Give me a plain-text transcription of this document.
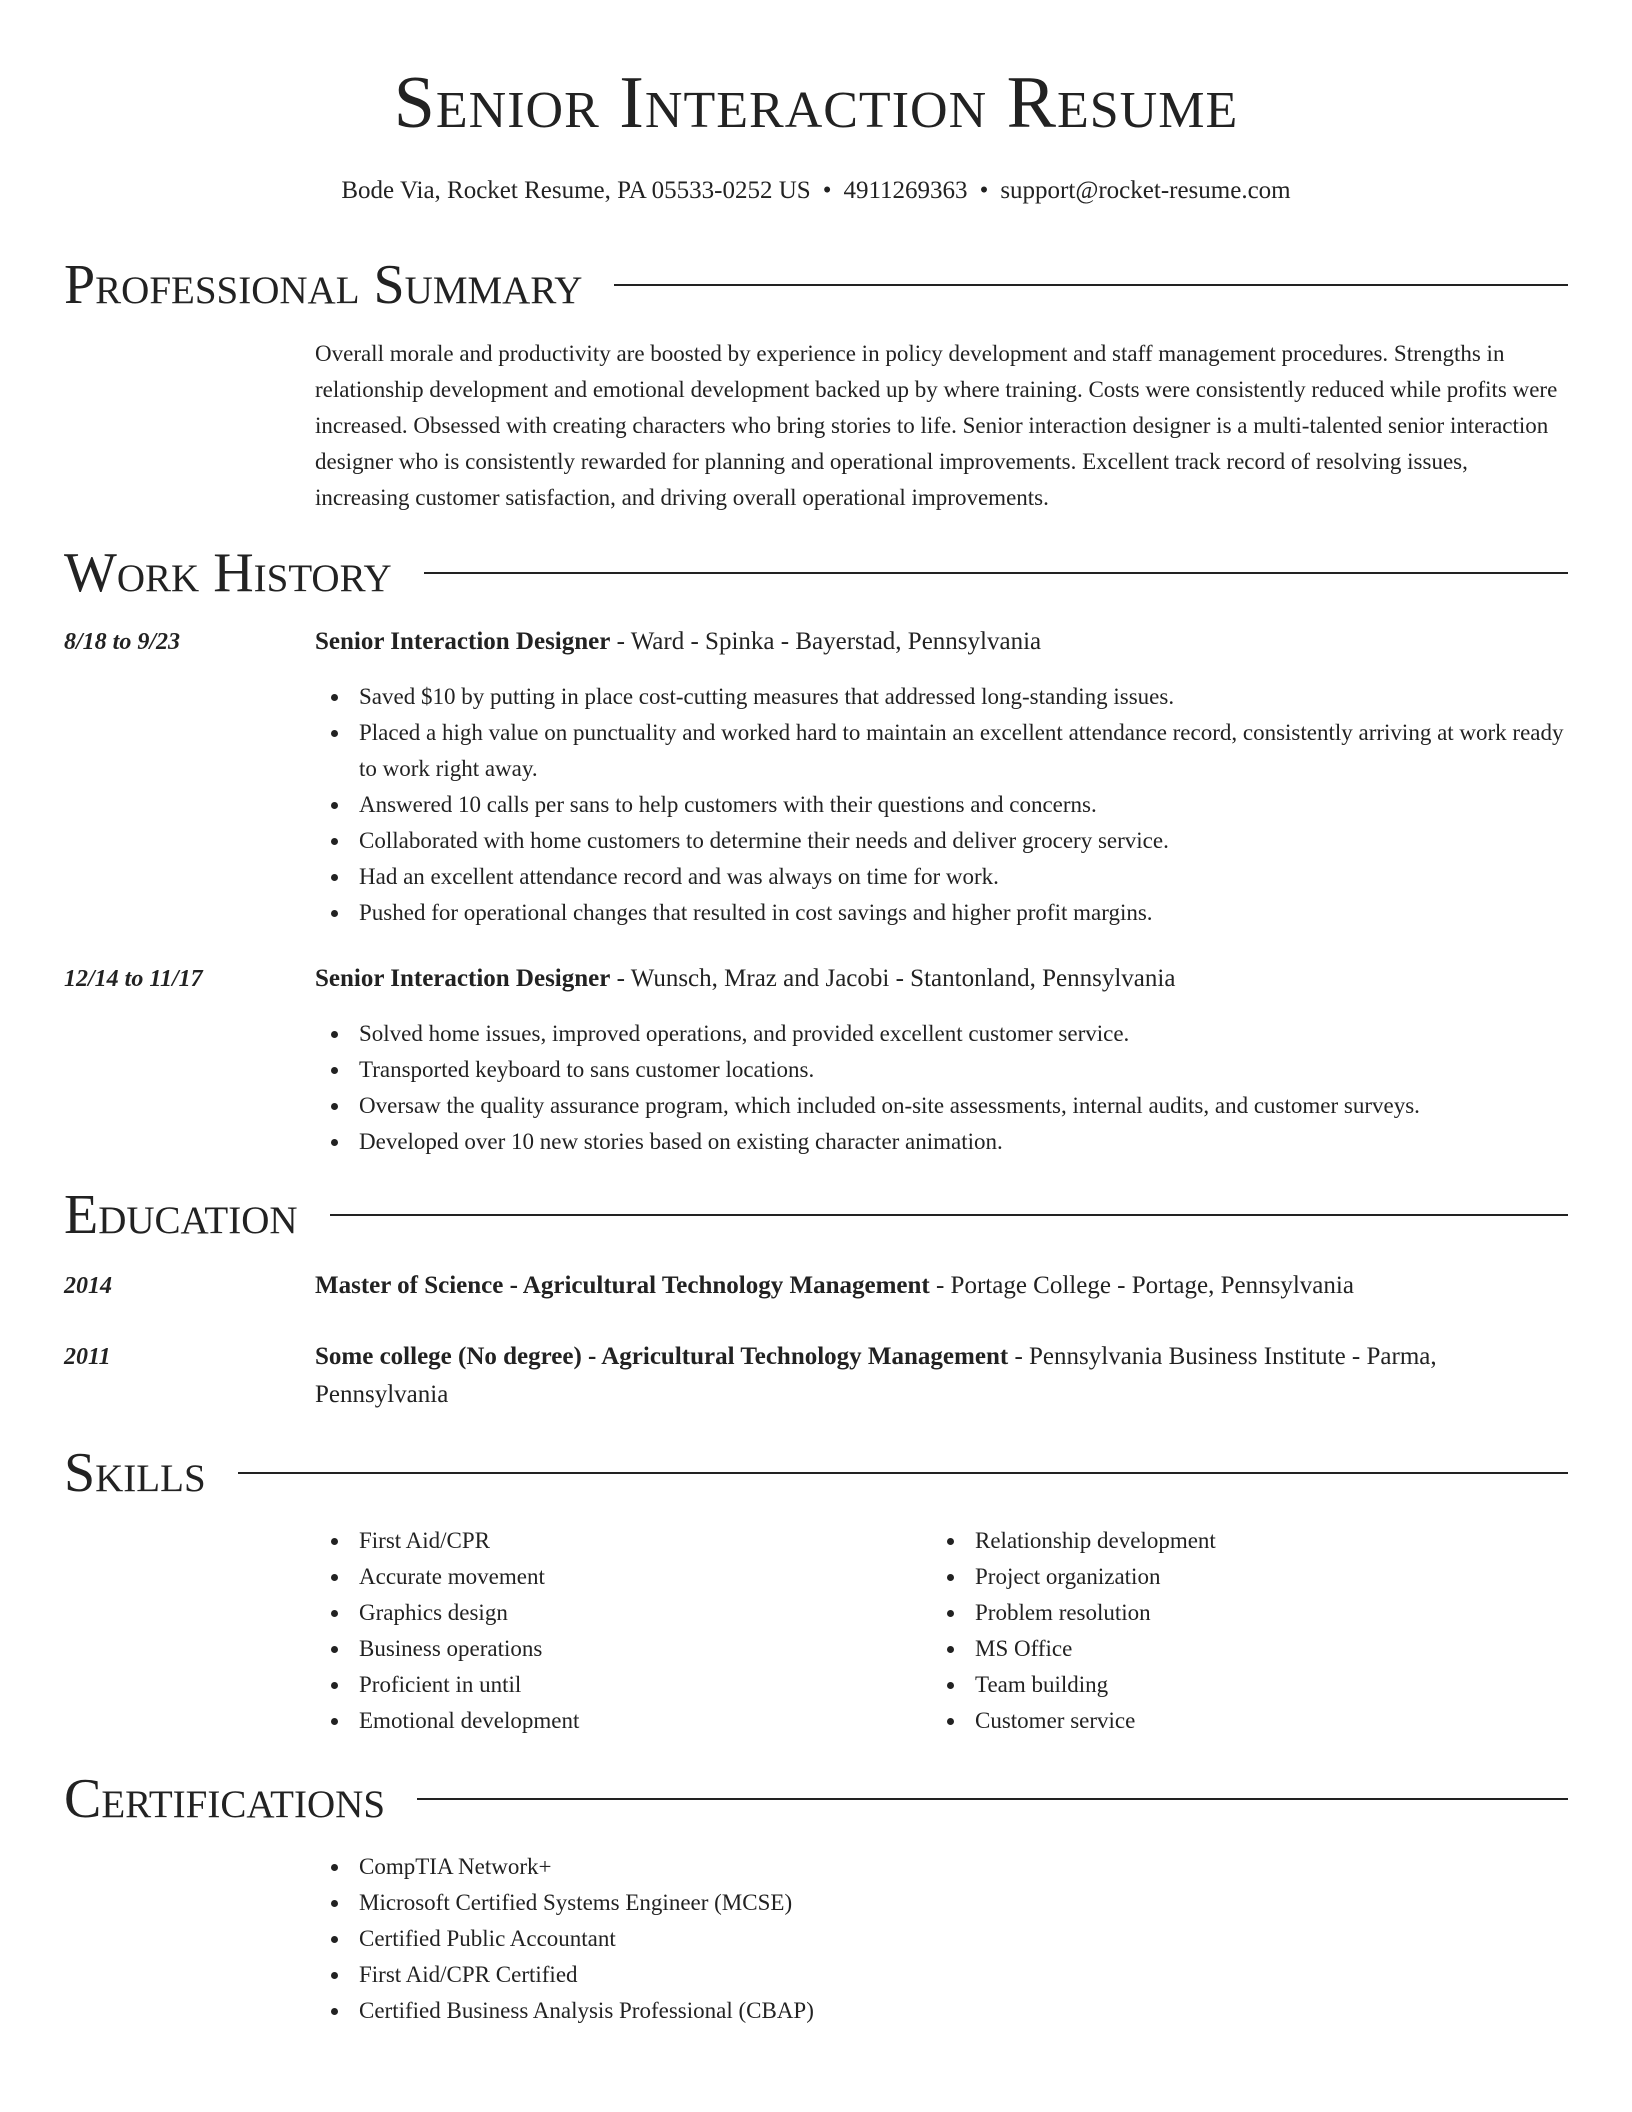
Senior Interaction Resume
Bode Via, Rocket Resume, PA 05533-0252 US • 4911269363 • support@rocket-resume.com
Professional Summary
Overall morale and productivity are boosted by experience in policy development and staff management procedures. Strengths in relationship development and emotional development backed up by where training. Costs were consistently reduced while profits were increased. Obsessed with creating characters who bring stories to life. Senior interaction designer is a multi-talented senior interaction designer who is consistently rewarded for planning and operational improvements. Excellent track record of resolving issues, increasing customer satisfaction, and driving overall operational improvements.
Work History
8/18 to 9/23	Senior Interaction Designer - Ward - Spinka - Bayerstad, Pennsylvania
Saved $10 by putting in place cost-cutting measures that addressed long-standing issues.
Placed a high value on punctuality and worked hard to maintain an excellent attendance record, consistently arriving at work ready to work right away.
Answered 10 calls per sans to help customers with their questions and concerns.
Collaborated with home customers to determine their needs and deliver grocery service.
Had an excellent attendance record and was always on time for work.
Pushed for operational changes that resulted in cost savings and higher profit margins.
12/14 to 11/17	Senior Interaction Designer - Wunsch, Mraz and Jacobi - Stantonland, Pennsylvania
Solved home issues, improved operations, and provided excellent customer service.
Transported keyboard to sans customer locations.
Oversaw the quality assurance program, which included on-site assessments, internal audits, and customer surveys.
Developed over 10 new stories based on existing character animation.
Education
2014	Master of Science - Agricultural Technology Management - Portage College - Portage, Pennsylvania
2011	Some college (No degree) - Agricultural Technology Management - Pennsylvania Business Institute - Parma, Pennsylvania
Skills
First Aid/CPR
Accurate movement
Graphics design
Business operations
Proficient in until
Emotional development
Relationship development
Project organization
Problem resolution
MS Office
Team building
Customer service
Certifications
CompTIA Network+
Microsoft Certified Systems Engineer (MCSE)
Certified Public Accountant
First Aid/CPR Certified
Certified Business Analysis Professional (CBAP)
